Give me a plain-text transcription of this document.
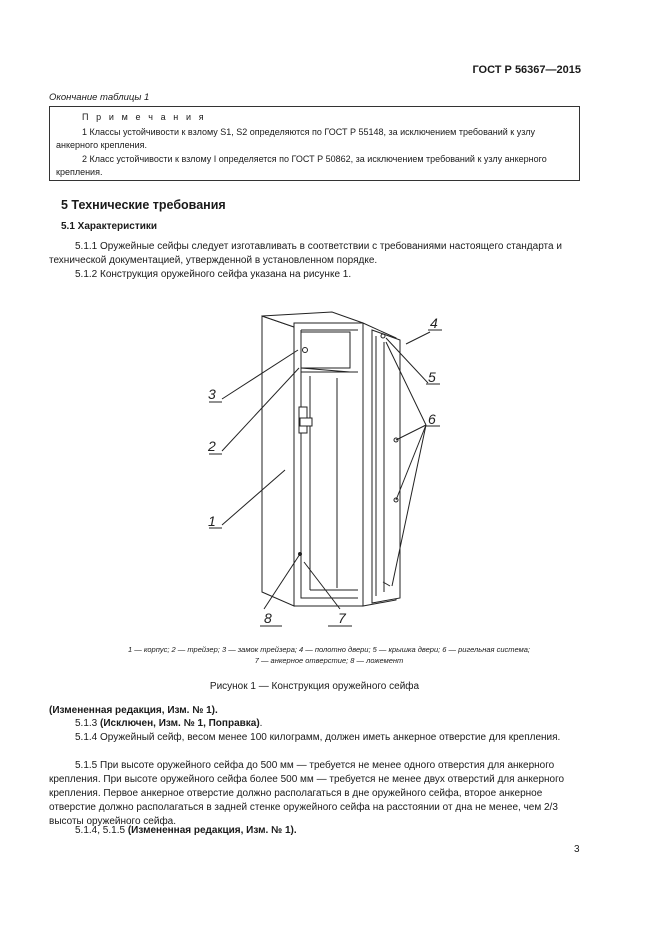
ГОСТ Р 56367—2015
Окончание таблицы 1
П р и м е ч а н и я
1 Классы устойчивости к взлому S1, S2 определяются по ГОСТ Р 55148, за исключением требований к узлу анкерного крепления.
2 Класс устойчивости к взлому I определяется по ГОСТ Р 50862, за исключением требований к узлу анкерного крепления.
5 Технические требования
5.1 Характеристики
5.1.1 Оружейные сейфы следует изготавливать в соответствии с требованиями настоящего стандарта и технической документацией, утвержденной в установленном порядке.
5.1.2 Конструкция оружейного сейфа указана на рисунке 1.
3
2
1
4
5
6
8	7
1 — корпус; 2 — трейзер; 3 — замок трейзера; 4 — полотно двери; 5 — крышка двери; 6 — ригельная система;
7 — анкерное отверстие; 8 — ложемент
Рисунок 1 — Конструкция оружейного сейфа
(Измененная редакция, Изм. № 1).
5.1.3 (Исключен, Изм. № 1, Поправка).
5.1.4 Оружейный сейф, весом менее 100 килограмм, должен иметь анкерное отверстие для крепления.
5.1.5 При высоте оружейного сейфа до 500 мм — требуется не менее одного отверстия для анкерного крепления. При высоте оружейного сейфа более 500 мм — требуется не менее двух отверстий для анкерного крепления. Первое анкерное отверстие должно располагаться в дне оружейного сейфа, второе анкерное отверстие должно располагаться в задней стенке оружейного сейфа на расстоянии от дна не менее, чем 2/3 высоты оружейного сейфа.
5.1.4, 5.1.5 (Измененная редакция, Изм. № 1).
3
